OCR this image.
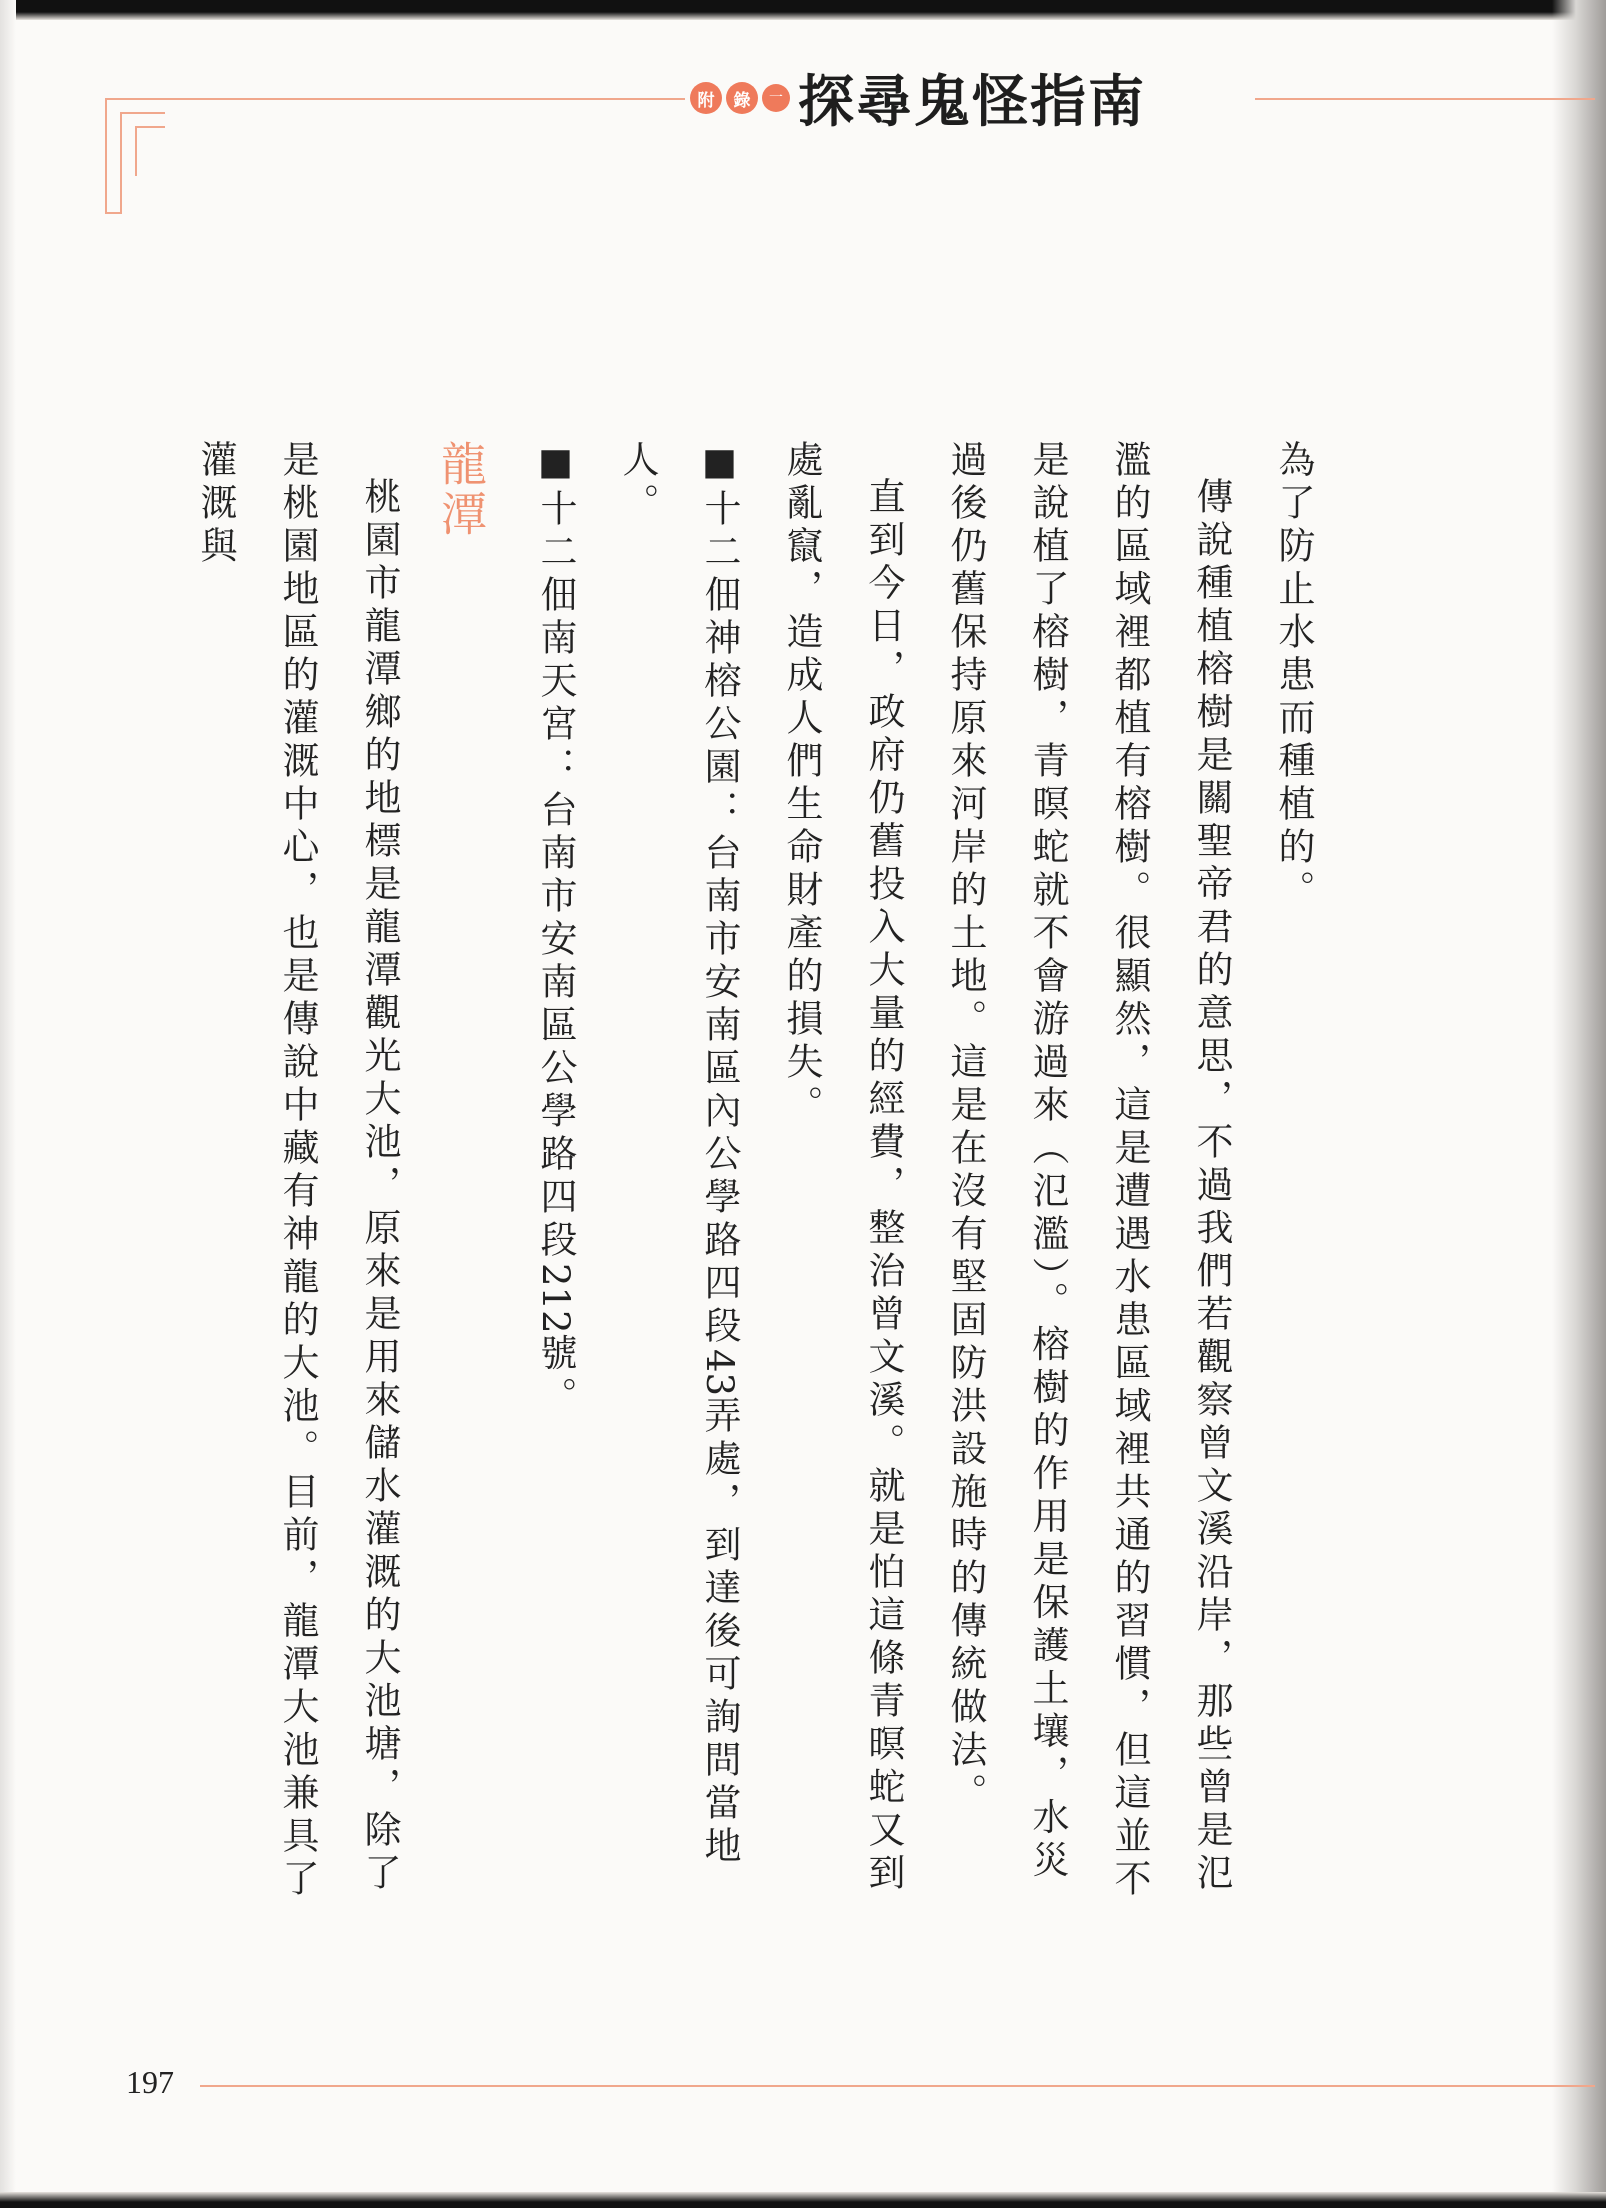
附	錄	一 探尋鬼怪指南

為了防止水患而種植的。

傳說種植榕樹是關聖帝君的意思，不過我們若觀察曾文溪沿岸，那些曾是氾濫的區域裡都植有榕樹。很顯然，這是遭遇水患區域裡共通的習慣，但這並不是說植了榕樹，青暝蛇就不會游過來（氾濫）。榕樹的作用是保護土壤，水災過後仍舊保持原來河岸的土地。這是在沒有堅固防洪設施時的傳統做法。

直到今日，政府仍舊投入大量的經費，整治曾文溪。就是怕這條青暝蛇又到處亂竄，造成人們生命財產的損失。

■十二佃神榕公園：台南市安南區內公學路四段43弄處，到達後可詢問當地人。

■十二佃南天宮：台南市安南區公學路四段212號。

龍潭

桃園市龍潭鄉的地標是龍潭觀光大池，原來是用來儲水灌溉的大池塘，除了是桃園地區的灌溉中心，也是傳說中藏有神龍的大池。目前，龍潭大池兼具了灌溉與

197
